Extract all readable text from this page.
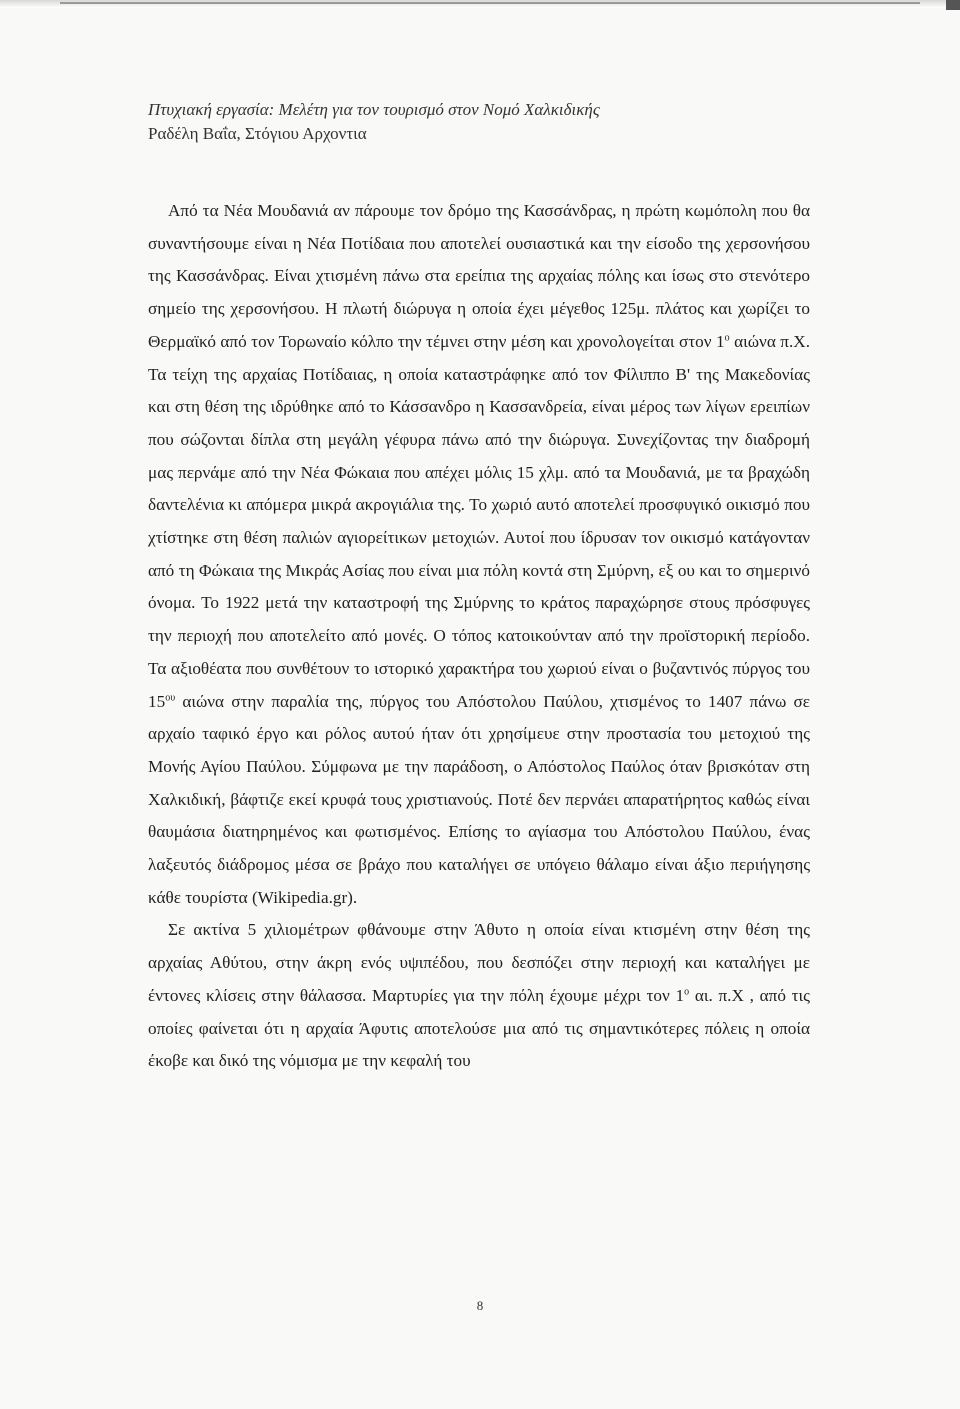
Πτυχιακή εργασία: Μελέτη για τον τουρισμό στον Νομό Χαλκιδικής
Ραδέλη Βαΐα, Στόγιου Αρχοντια

Από τα Νέα Μουδανιά αν πάρουμε τον δρόμο της Κασσάνδρας, η πρώτη κωμόπολη που θα συναντήσουμε είναι η Νέα Ποτίδαια που αποτελεί ουσιαστικά και την είσοδο της χερσονήσου της Κασσάνδρας. Είναι χτισμένη πάνω στα ερείπια της αρχαίας πόλης και ίσως στο στενότερο σημείο της χερσονήσου. Η πλωτή διώρυγα η οποία έχει μέγεθος 125μ. πλάτος και χωρίζει το Θερμαϊκό από τον Τορωναίο κόλπο την τέμνει στην μέση και χρονολογείται στον $1^o$ αιώνα π.Χ. Τα τείχη της αρχαίας Ποτίδαιας, η οποία καταστράφηκε από τον Φίλιππο Β' της Μακεδονίας και στη θέση της ιδρύθηκε από το Κάσσανδρο η Κασσανδρεία, είναι μέρος των λίγων ερειπίων που σώζονται δίπλα στη μεγάλη γέφυρα πάνω από την διώρυγα. Συνεχίζοντας την διαδρομή μας περνάμε από την Νέα Φώκαια που απέχει μόλις 15 χλμ. από τα Μουδανιά, με τα βραχώδη δαντελένια κι απόμερα μικρά ακρογιάλια της. Το χωριό αυτό αποτελεί προσφυγικό οικισμό που χτίστηκε στη θέση παλιών αγιορείτικων μετοχιών. Αυτοί που ίδρυσαν τον οικισμό κατάγονταν από τη Φώκαια της Μικράς Ασίας που είναι μια πόλη κοντά στη Σμύρνη, εξ ου και το σημερινό όνομα. Το 1922 μετά την καταστροφή της Σμύρνης το κράτος παραχώρησε στους πρόσφυγες την περιοχή που αποτελείτο από μονές. Ο τόπος κατοικούνταν από την προϊστορική περίοδο. Τα αξιοθέατα που συνθέτουν το ιστορικό χαρακτήρα του χωριού είναι ο βυζαντινός πύργος του $15^{o\upsilon}$ αιώνα στην παραλία της, πύργος του Απόστολου Παύλου, χτισμένος το 1407 πάνω σε αρχαίο ταφικό έργο και ρόλος αυτού ήταν ότι χρησίμευε στην προστασία του μετοχιού της Μονής Αγίου Παύλου. Σύμφωνα με την παράδοση, ο Απόστολος Παύλος όταν βρισκόταν στη Χαλκιδική, βάφτιζε εκεί κρυφά τους χριστιανούς. Ποτέ δεν περνάει απαρατήρητος καθώς είναι θαυμάσια διατηρημένος και φωτισμένος. Επίσης το αγίασμα του Απόστολου Παύλου, ένας λαξευτός διάδρομος μέσα σε βράχο που καταλήγει σε υπόγειο θάλαμο είναι άξιο περιήγησης κάθε τουρίστα (Wikipedia.gr).

Σε ακτίνα 5 χιλιομέτρων φθάνουμε στην Άθυτο η οποία είναι κτισμένη στην θέση της αρχαίας Αθύτου, στην άκρη ενός υψιπέδου, που δεσπόζει στην περιοχή και καταλήγει με έντονες κλίσεις στην θάλασσα. Μαρτυρίες για την πόλη έχουμε μέχρι τον $1^o$ αι. π.Χ , από τις οποίες φαίνεται ότι η αρχαία Άφυτις αποτελούσε μια από τις σημαντικότερες πόλεις η οποία έκοβε και δικό της νόμισμα με την κεφαλή του

8
